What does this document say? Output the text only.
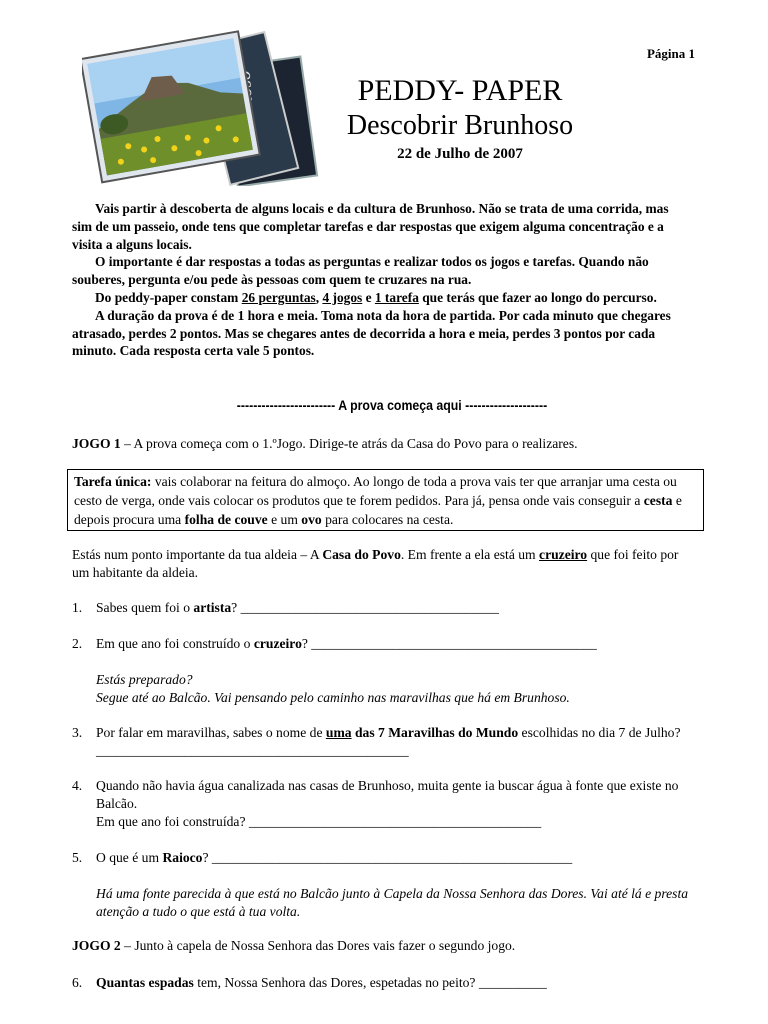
Página 1
PEDDY- PAPER
Descobrir Brunhoso
22 de Julho de 2007

Vais partir à descoberta de alguns locais e da cultura de Brunhoso. Não se trata de uma corrida, mas sim de um passeio, onde tens que completar tarefas e dar respostas que exigem alguma concentração e a visita a alguns locais.

O importante é dar respostas a todas as perguntas e realizar todos os jogos e tarefas. Quando não souberes, pergunta e/ou pede às pessoas com quem te cruzares na rua.

Do peddy-paper constam 26 perguntas, 4 jogos e 1 tarefa que terás que fazer ao longo do percurso.

A duração da prova é de 1 hora e meia. Toma nota da hora de partida. Por cada minuto que chegares atrasado, perdes 2 pontos. Mas se chegares antes de decorrida a hora e meia, perdes 3 pontos por cada minuto. Cada resposta certa vale 5 pontos.

------------------------ A prova começa aqui --------------------
JOGO 1 – A prova começa com o 1.ºJogo. Dirige-te atrás da Casa do Povo para o realizares.
Tarefa única: vais colaborar na feitura do almoço. Ao longo de toda a prova vais ter que arranjar uma cesta ou cesto de verga, onde vais colocar os produtos que te forem pedidos. Para já, pensa onde vais conseguir a cesta e depois procura uma folha de couve e um ovo para colocares na cesta.
Estás num ponto importante da tua aldeia – A Casa do Povo. Em frente a ela está um cruzeiro que foi feito por um habitante da aldeia.
1. Sabes quem foi o artista? ______________________________________
2. Em que ano foi construído o cruzeiro? __________________________________________
Estás preparado?
Segue até ao Balcão. Vai pensando pelo caminho nas maravilhas que há em Brunhoso.
3. Por falar em maravilhas, sabes o nome de uma das 7 Maravilhas do Mundo escolhidas no dia 7 de Julho?______________________________________________
4. Quando não havia água canalizada nas casas de Brunhoso, muita gente ia buscar água à fonte que existe no Balcão.
Em que ano foi construída? ___________________________________________
5. O que é um Raioco? _____________________________________________________
Há uma fonte parecida à que está no Balcão junto à Capela da Nossa Senhora das Dores. Vai até lá e presta atenção a tudo o que está à tua volta.
JOGO 2 – Junto à capela de Nossa Senhora das Dores vais fazer o segundo jogo.
6. Quantas espadas tem, Nossa Senhora das Dores, espetadas no peito? __________
